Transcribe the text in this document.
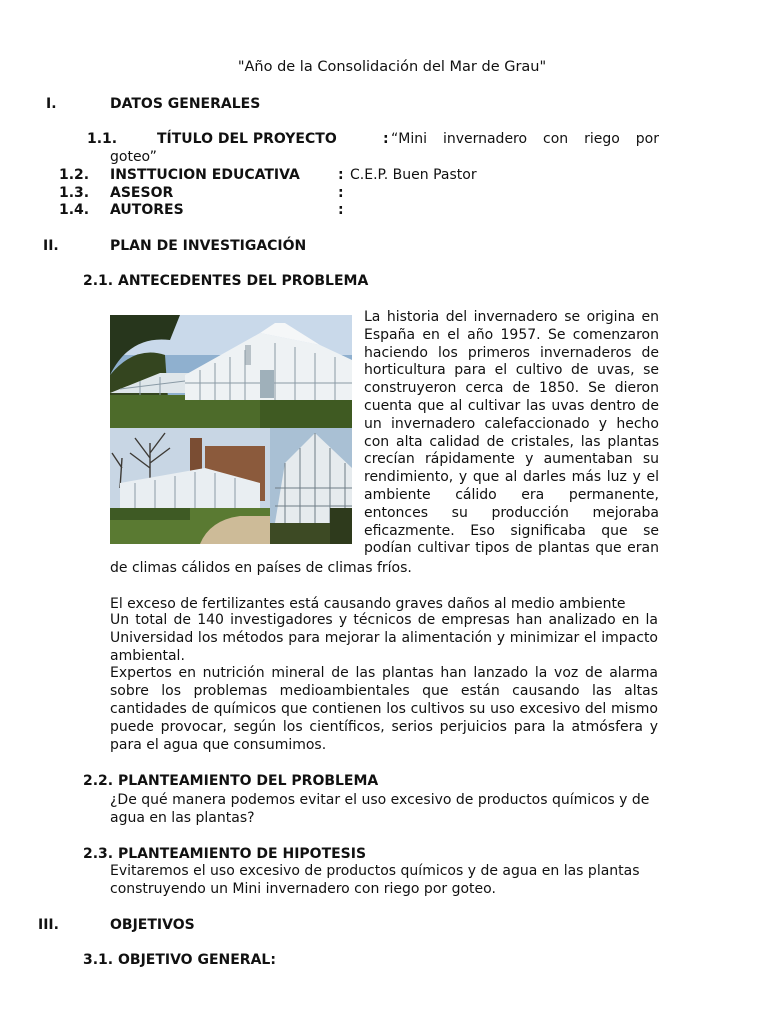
"Año de la Consolidación del Mar de Grau"
I.	DATOS GENERALES
1.1.	TÍTULO DEL PROYECTO	: “Mini invernadero con riego por
goteo”
1.2. INSTTUCION EDUCATIVA	: C.E.P. Buen Pastor
1.3. ASESOR	:
1.4. AUTORES	:
II.	PLAN DE INVESTIGACIÓN
2.1. ANTECEDENTES DEL PROBLEMA
La historia del invernadero se origina en
España en el año 1957. Se comenzaron
haciendo los primeros invernaderos de
horticultura para el cultivo de uvas, se
construyeron cerca de 1850. Se dieron
cuenta que al cultivar las uvas dentro de
un invernadero calefaccionado y hecho
con alta calidad de cristales, las plantas
crecían rápidamente y aumentaban su
rendimiento, y que al darles más luz y el
ambiente cálido era permanente,
entonces su producción mejoraba
eficazmente. Eso significaba que se
podían cultivar tipos de plantas que eran
de climas cálidos en países de climas fríos.
El exceso de fertilizantes está causando graves daños al medio ambiente

Un total de 140 investigadores y técnicos de empresas han analizado en la Universidad los métodos para mejorar la alimentación y minimizar el impacto ambiental.

Expertos en nutrición mineral de las plantas han lanzado la voz de alarma sobre los problemas medioambientales que están causando las altas cantidades de químicos que contienen los cultivos su uso excesivo del mismo puede provocar, según los científicos, serios perjuicios para la atmósfera y para el agua que consumimos.

2.2. PLANTEAMIENTO DEL PROBLEMA
¿De qué manera podemos evitar el uso excesivo de productos químicos y de
agua en las plantas?
2.3. PLANTEAMIENTO DE HIPOTESIS
Evitaremos el uso excesivo de productos químicos y de agua en las plantas
construyendo un Mini invernadero con riego por goteo.
III.	OBJETIVOS
3.1. OBJETIVO GENERAL:
